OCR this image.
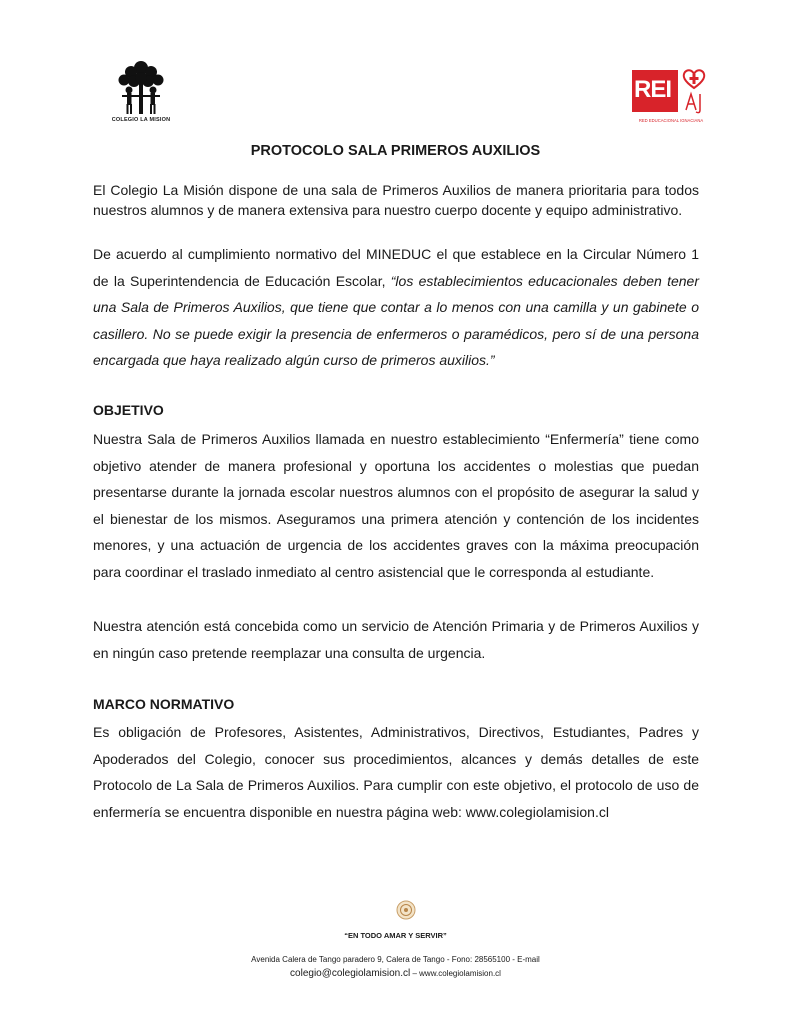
COLEGIO LA MISION
REI
RED EDUCACIONAL IGNACIANA
PROTOCOLO SALA PRIMEROS AUXILIOS

El Colegio La Misión dispone de una sala de Primeros Auxilios de manera prioritaria para todos nuestros alumnos y de manera extensiva para nuestro cuerpo docente y equipo administrativo.

De acuerdo al cumplimiento normativo del MINEDUC el que establece en la Circular Número 1 de la Superintendencia de Educación Escolar, “los establecimientos educacionales deben tener una Sala de Primeros Auxilios, que tiene que contar a lo menos con una camilla y un gabinete o casillero. No se puede exigir la presencia de enfermeros o paramédicos, pero sí de una persona encargada que haya realizado algún curso de primeros auxilios.”

OBJETIVO

Nuestra Sala de Primeros Auxilios llamada en nuestro establecimiento “Enfermería” tiene como objetivo atender de manera profesional y oportuna los accidentes o molestias que puedan presentarse durante la jornada escolar nuestros alumnos con el propósito de asegurar la salud y el bienestar de los mismos. Aseguramos una primera atención y contención de los incidentes menores, y una actuación de urgencia de los accidentes graves con la máxima preocupación para coordinar el traslado inmediato al centro asistencial que le corresponda al estudiante.

Nuestra atención está concebida como un servicio de Atención Primaria y de Primeros Auxilios y en ningún caso pretende reemplazar una consulta de urgencia.

MARCO NORMATIVO

Es obligación de Profesores, Asistentes, Administrativos, Directivos, Estudiantes, Padres y Apoderados del Colegio, conocer sus procedimientos, alcances y demás detalles de este Protocolo de La Sala de Primeros Auxilios. Para cumplir con este objetivo, el protocolo de uso de enfermería se encuentra disponible en nuestra página web: www.colegiolamision.cl

“EN TODO AMAR Y SERVIR”
Avenida Calera de Tango paradero 9, Calera de Tango - Fono: 28565100 - E-mail
colegio@colegiolamision.cl – www.colegiolamision.cl
